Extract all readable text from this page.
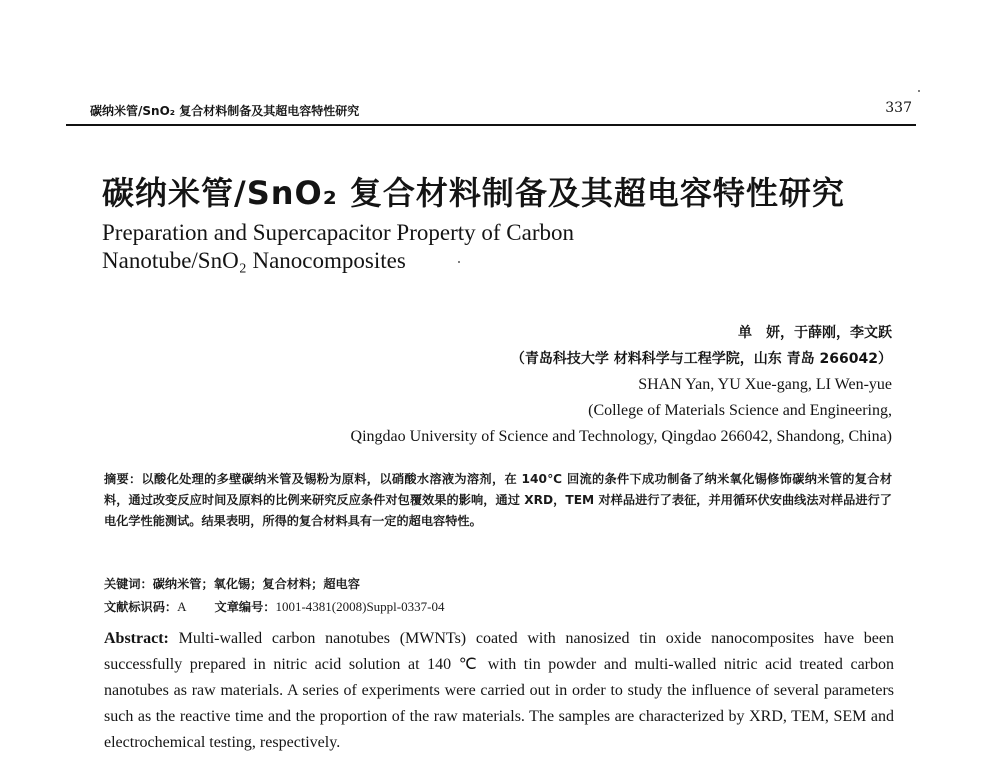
碳纳米管/SnO₂ 复合材料制备及其超电容特性研究	337
碳纳米管/SnO₂ 复合材料制备及其超电容特性研究
Preparation and Supercapacitor Property of Carbon
Nanotube/SnO₂ Nanocomposites
单　妍，于薛刚，李文跃
（青岛科技大学 材料科学与工程学院，山东 青岛 266042）
SHAN Yan, YU Xue-gang, LI Wen-yue
(College of Materials Science and Engineering,
Qingdao University of Science and Technology, Qingdao 266042, Shandong, China)
摘要：以酸化处理的多壁碳纳米管及锡粉为原料，以硝酸水溶液为溶剂，在 140℃ 回流的条件下成功制备了纳米氧化锡修饰碳纳米管的复合材料，通过改变反应时间及原料的比例来研究反应条件对包覆效果的影响，通过 XRD，TEM 对样品进行了表征，并用循环伏安曲线法对样品进行了电化学性能测试。结果表明，所得的复合材料具有一定的超电容特性。
关键词：碳纳米管；氧化锡；复合材料；超电容
文献标识码：A 文章编号：1001-4381(2008)Suppl-0337-04
Abstract: Multi-walled carbon nanotubes (MWNTs) coated with nanosized tin oxide nanocomposites have been successfully prepared in nitric acid solution at 140 ℃ with tin powder and multi-walled nitric acid treated carbon nanotubes as raw materials. A series of experiments were carried out in order to study the influence of several parameters such as the reactive time and the proportion of the raw materials. The samples are characterized by XRD, TEM, SEM and electrochemical testing, respectively.
